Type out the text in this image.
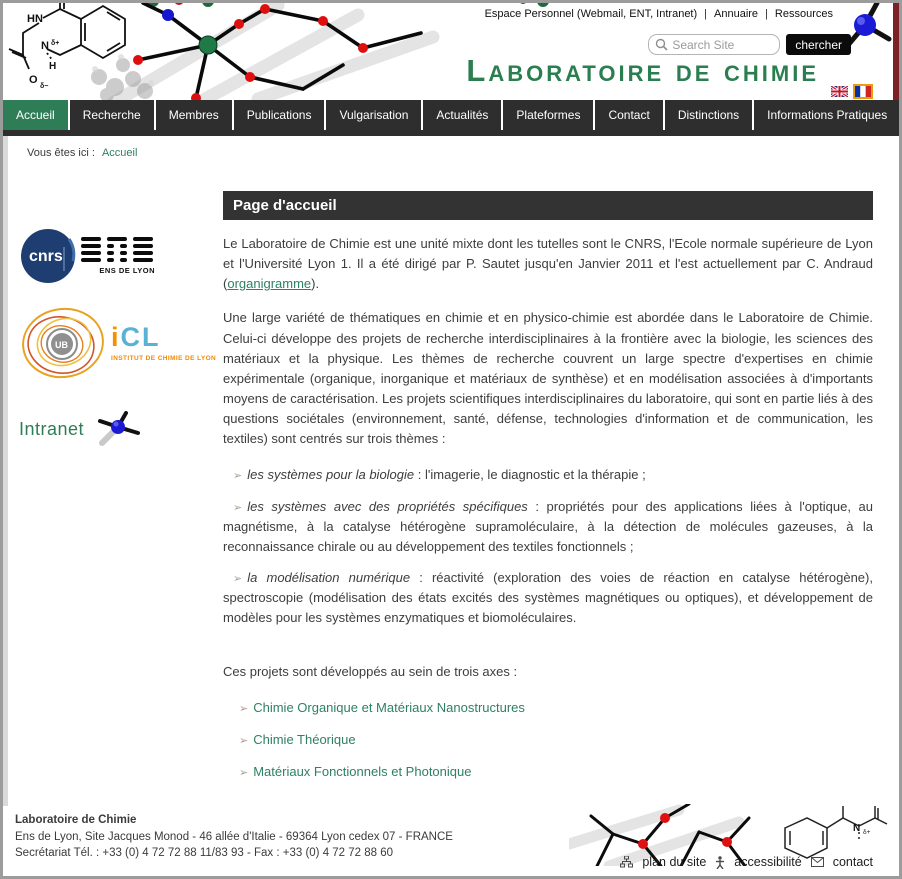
HN
N δ+
H
O
δ−
Espace Personnel (Webmail, ENT, Intranet) | Annuaire | Ressources
Search Site
chercher
Laboratoire de chimie
Accueil	Recherche	Membres	Publications	Vulgarisation	Actualités	Plateformes	Contact	Distinctions	Informations Pratiques
Vous êtes ici : Accueil
cnrs
ENS DE LYON
UB iCL
INSTITUT DE CHIMIE DE LYON
Intranet
Page d'accueil

Le Laboratoire de Chimie est une unité mixte dont les tutelles sont le CNRS, l'Ecole normale supérieure de Lyon et l'Université Lyon 1. Il a été dirigé par P. Sautet jusqu'en Janvier 2011 et l'est actuellement par C. Andraud (organigramme).

Une large variété de thématiques en chimie et en physico-chimie est abordée dans le Laboratoire de Chimie. Celui-ci développe des projets de recherche interdisciplinaires à la frontière avec la biologie, les sciences des matériaux et la physique. Les thèmes de recherche couvrent un large spectre d'expertises en chimie expérimentale (organique, inorganique et matériaux de synthèse) et en modélisation associées à d'importants moyens de caractérisation. Les projets scientifiques interdisciplinaires du laboratoire, qui sont en partie liés à des questions sociétales (environnement, santé, défense, technologies d'information et de communication, les textiles) sont centrés sur trois thèmes :

➢ les systèmes pour la biologie : l'imagerie, le diagnostic et la thérapie ;
➢ les systèmes avec des propriétés spécifiques : propriétés pour des applications liées à l'optique, au magnétisme, à la catalyse hétérogène supramoléculaire, à la détection de molécules gazeuses, à la reconnaissance chirale ou au développement des textiles fonctionnels ;
➢ la modélisation numérique : réactivité (exploration des voies de réaction en catalyse hétérogène), spectroscopie (modélisation des états excités des systèmes magnétiques ou optiques), et développement de modèles pour les systèmes enzymatiques et biomoléculaires.

Ces projets sont développés au sein de trois axes :

➢ Chimie Organique et Matériaux Nanostructures
➢ Chimie Théorique
➢ Matériaux Fonctionnels et Photonique
N δ+
Laboratoire de Chimie
Ens de Lyon, Site Jacques Monod - 46 allée d'Italie - 69364 Lyon cedex 07 - FRANCE
Secrétariat Tél. : +33 (0) 4 72 72 88 11/83 93 - Fax : +33 (0) 4 72 72 88 60
plan du site accessibilité contact
